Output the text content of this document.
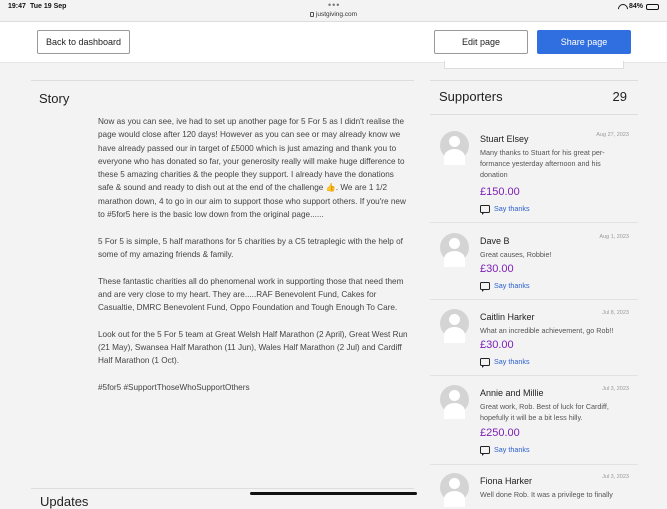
19:47 Tue 19 Sep	•••
justgiving.com
84%
Back to dashboard	Edit page	Share page
Story

Now as you can see, ive had to set up another page for 5 For 5 as I didn't realise the page would close after 120 days! However as you can see or may already know we have already passed our in target of £5000 which is just amazing and thank you to everyone who has donated so far, your generosity really will make huge difference to these 5 amazing charities & the people they support. I already have the donations safe & sound and ready to dish out at the end of the challenge 👍. We are 1 1/2 marathon down, 4 to go in our aim to support those who support others. If you're new to #5for5 here is the basic low down from the original page......

5 For 5 is simple, 5 half marathons for 5 charities by a C5 tetraplegic with the help of some of my amazing friends & family.

These fantastic charities all do phenomenal work in supporting those that need them and are very close to my heart. They are.....RAF Benevolent Fund, Cakes for Casualtie, DMRC Benevolent Fund, Oppo Foundation and Tough Enough To Care.

Look out for the 5 For 5 team at Great Welsh Half Marathon (2 April), Great West Run (21 May), Swansea Half Marathon (11 Jun), Wales Half Marathon (2 Jul) and Cardiff Half Marathon (1 Oct).

#5for5 #SupportThoseWhoSupportOthers

Updates
Supporters	29
Stuart Elsey	Aug 27, 2023
Many thanks to Stuart for his great per-formance yesterday afternoon and his donation
£150.00
...
Say thanks
Dave B	Aug 1, 2023
Great causes, Robbie!
£30.00
...
Say thanks
Caitlin Harker	Jul 8, 2023
What an incredible achievement, go Rob!!
£30.00
...
Say thanks
Annie and Millie	Jul 3, 2023
Great work, Rob. Best of luck for Cardiff, hopefully it will be a bit less hilly.
£250.00
...
Say thanks
Fiona Harker	Jul 3, 2023
Well done Rob. It was a privilege to finally
